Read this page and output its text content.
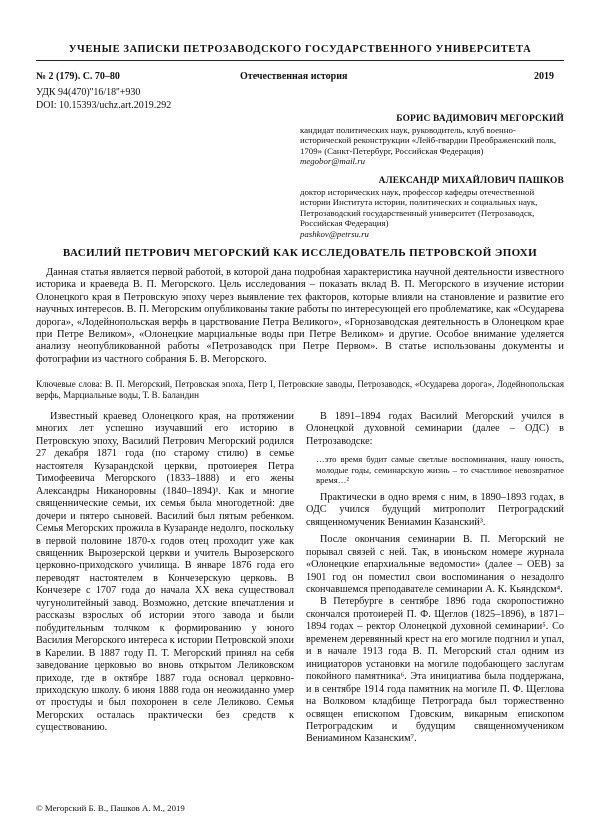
УЧЕНЫЕ ЗАПИСКИ ПЕТРОЗАВОДСКОГО ГОСУДАРСТВЕННОГО УНИВЕРСИТЕТА
№ 2 (179). С. 70–80	Отечественная история	2019
УДК 94(470)''16/18''+930
DOI: 10.15393/uchz.art.2019.292
БОРИС ВАДИМОВИЧ МЕГОРСКИЙ
кандидат политических наук, руководитель, клуб военно-исторической реконструкции «Лейб-гвардии Преображенский полк, 1709» (Санкт-Петербург, Российская Федерация)
megobor@mail.ru
АЛЕКСАНДР МИХАЙЛОВИЧ ПАШКОВ
доктор исторических наук, профессор кафедры отечественной истории Института истории, политических и социальных наук, Петрозаводский государственный университет (Петрозаводск, Российская Федерация)
pashkov@petrsu.ru
ВАСИЛИЙ ПЕТРОВИЧ МЕГОРСКИЙ КАК ИССЛЕДОВАТЕЛЬ ПЕТРОВСКОЙ ЭПОХИ

Данная статья является первой работой, в которой дана подробная характеристика научной деятельности известного историка и краеведа В. П. Мегорского. Цель исследования – показать вклад В. П. Мегорского в изучение истории Олонецкого края в Петровскую эпоху через выявление тех факторов, которые влияли на становление и развитие его научных интересов. В. П. Мегорским опубликованы такие работы по интересующей его проблематике, как «Осударева дорога», «Лодейнопольская верфь в царствование Петра Великого», «Горнозаводская деятельность в Олонецком крае при Петре Великом», «Олонецкие марциальные воды при Петре Великом» и другие. Особое внимание уделяется анализу неопубликованной работы «Петрозаводск при Петре Первом». В статье использованы документы и фотографии из частного собрания Б. В. Мегорского.

Ключевые слова: В. П. Мегорский, Петровская эпоха, Петр I, Петровские заводы, Петрозаводск, «Осударева дорога», Лодейнопольская верфь, Марциальные воды, Т. В. Баландин

Известный краевед Олонецкого края, на протяжении многих лет успешно изучавший его историю в Петровскую эпоху, Василий Петрович Мегорский родился 27 декабря 1871 года (по старому стилю) в семье настоятеля Кузарандской церкви, протоиерея Петра Тимофеевича Мегорского (1833–1888) и его жены Александры Никаноровны (1840–1894)¹. Как и многие священнические семьи, их семья была многодетной: две дочери и пятеро сыновей. Василий был пятым ребенком. Семья Мегорских прожила в Кузаранде недолго, поскольку в первой половине 1870-х годов отец проходит уже как священник Вырозерской церкви и учитель Вырозерского церковно-приходского училища. В январе 1876 года его переводят настоятелем в Кончезерскую церковь. В Кончезере с 1707 года до начала XX века существовал чугунолитейный завод. Возможно, детские впечатления и рассказы взрослых об истории этого завода и были побудительным толчком к формированию у юного Василия Мегорского интереса к истории Петровской эпохи в Карелии. В 1887 году П. Т. Мегорский принял на себя заведование церковью во вновь открытом Леликовском приходе, где в октябре 1887 года основал церковно-приходскую школу. 6 июня 1888 года он неожиданно умер от простуды и был похоронен в селе Леликово. Семья Мегорских осталась практически без средств к существованию.

В 1891–1894 годах Василий Мегорский учился в Олонецкой духовной семинарии (далее – ОДС) в Петрозаводске:

…это время будит самые светлые воспоминания, нашу юность, молодые годы, семинарскую жизнь – то счастливое невозвратное время…²

Практически в одно время с ним, в 1890–1893 годах, в ОДС учился будущий митрополит Петроградский священномученик Вениамин Казанский³.

После окончания семинарии В. П. Мегорский не порывал связей с ней. Так, в июньском номере журнала «Олонецкие епархиальные ведомости» (далее – ОЕВ) за 1901 год он поместил свои воспоминания о незадолго скончавшемся преподавателе семинарии А. К. Кьяндском⁴.

В Петербурге в сентябре 1896 года скоропостижно скончался протоиерей П. Ф. Щеглов (1825–1896), в 1871–1894 годах – ректор Олонецкой духовной семинарии⁵. Со временем деревянный крест на его могиле подгнил и упал, и в начале 1913 года В. П. Мегорский стал одним из инициаторов установки на могиле подобающего заслугам покойного памятника⁶. Эта инициатива была поддержана, и в сентябре 1914 года памятник на могиле П. Ф. Щеглова на Волковом кладбище Петрограда был торжественно освящен епископом Гдовским, викарным епископом Петроградским и будущим священномучеником Вениамином Казанским⁷.

© Мегорский Б. В., Пашков А. М., 2019
